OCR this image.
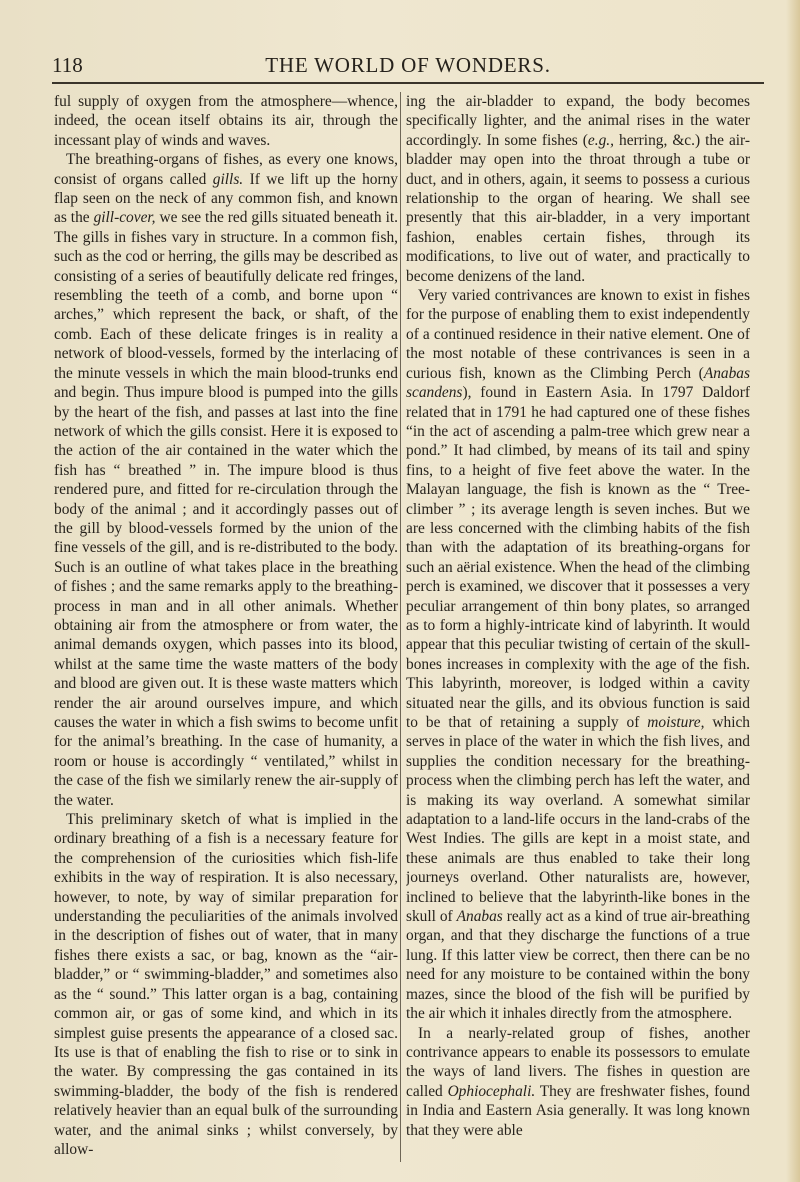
118	THE WORLD OF WONDERS.

ful supply of oxygen from the atmosphere—whence, indeed, the ocean itself obtains its air, through the incessant play of winds and waves.

The breathing-organs of fishes, as every one knows, consist of organs called gills. If we lift up the horny flap seen on the neck of any common fish, and known as the gill-cover, we see the red gills situated beneath it. The gills in fishes vary in structure. In a common fish, such as the cod or herring, the gills may be described as consisting of a series of beautifully delicate red fringes, resembling the teeth of a comb, and borne upon “ arches,” which represent the back, or shaft, of the comb. Each of these delicate fringes is in reality a network of blood-vessels, formed by the interlacing of the minute vessels in which the main blood-trunks end and begin. Thus impure blood is pumped into the gills by the heart of the fish, and passes at last into the fine network of which the gills consist. Here it is exposed to the action of the air contained in the water which the fish has “ breathed ” in. The impure blood is thus rendered pure, and fitted for re-circulation through the body of the animal ; and it accordingly passes out of the gill by blood-vessels formed by the union of the fine vessels of the gill, and is re-distributed to the body. Such is an outline of what takes place in the breathing of fishes ; and the same remarks apply to the breathing-process in man and in all other animals. Whether obtaining air from the atmosphere or from water, the animal demands oxygen, which passes into its blood, whilst at the same time the waste matters of the body and blood are given out. It is these waste matters which render the air around ourselves impure, and which causes the water in which a fish swims to become unfit for the animal’s breathing. In the case of humanity, a room or house is accordingly “ ventilated,” whilst in the case of the fish we similarly renew the air-supply of the water.

This preliminary sketch of what is implied in the ordinary breathing of a fish is a necessary feature for the comprehension of the curiosities which fish-life exhibits in the way of respiration. It is also necessary, however, to note, by way of similar preparation for understanding the peculiarities of the animals involved in the description of fishes out of water, that in many fishes there exists a sac, or bag, known as the “air-bladder,” or “ swimming-bladder,” and sometimes also as the “ sound.” This latter organ is a bag, containing common air, or gas of some kind, and which in its simplest guise presents the appearance of a closed sac. Its use is that of enabling the fish to rise or to sink in the water. By compressing the gas contained in its swimming-bladder, the body of the fish is rendered relatively heavier than an equal bulk of the surrounding water, and the animal sinks ; whilst conversely, by allow-

ing the air-bladder to expand, the body becomes specifically lighter, and the animal rises in the water accordingly. In some fishes (e.g., herring, &c.) the air-bladder may open into the throat through a tube or duct, and in others, again, it seems to possess a curious relationship to the organ of hearing. We shall see presently that this air-bladder, in a very important fashion, enables certain fishes, through its modifications, to live out of water, and practically to become denizens of the land.

Very varied contrivances are known to exist in fishes for the purpose of enabling them to exist independently of a continued residence in their native element. One of the most notable of these contrivances is seen in a curious fish, known as the Climbing Perch (Anabas scandens), found in Eastern Asia. In 1797 Daldorf related that in 1791 he had captured one of these fishes “in the act of ascending a palm-tree which grew near a pond.” It had climbed, by means of its tail and spiny fins, to a height of five feet above the water. In the Malayan language, the fish is known as the “ Tree-climber ” ; its average length is seven inches. But we are less concerned with the climbing habits of the fish than with the adaptation of its breathing-organs for such an aërial existence. When the head of the climbing perch is examined, we discover that it possesses a very peculiar arrangement of thin bony plates, so arranged as to form a highly-intricate kind of labyrinth. It would appear that this peculiar twisting of certain of the skull-bones increases in complexity with the age of the fish. This labyrinth, moreover, is lodged within a cavity situated near the gills, and its obvious function is said to be that of retaining a supply of moisture, which serves in place of the water in which the fish lives, and supplies the condition necessary for the breathing-process when the climbing perch has left the water, and is making its way overland. A somewhat similar adaptation to a land-life occurs in the land-crabs of the West Indies. The gills are kept in a moist state, and these animals are thus enabled to take their long journeys overland. Other naturalists are, however, inclined to believe that the labyrinth-like bones in the skull of Anabas really act as a kind of true air-breathing organ, and that they discharge the functions of a true lung. If this latter view be correct, then there can be no need for any moisture to be contained within the bony mazes, since the blood of the fish will be purified by the air which it inhales directly from the atmosphere.

In a nearly-related group of fishes, another contrivance appears to enable its possessors to emulate the ways of land livers. The fishes in question are called Ophiocephali. They are freshwater fishes, found in India and Eastern Asia generally. It was long known that they were able
